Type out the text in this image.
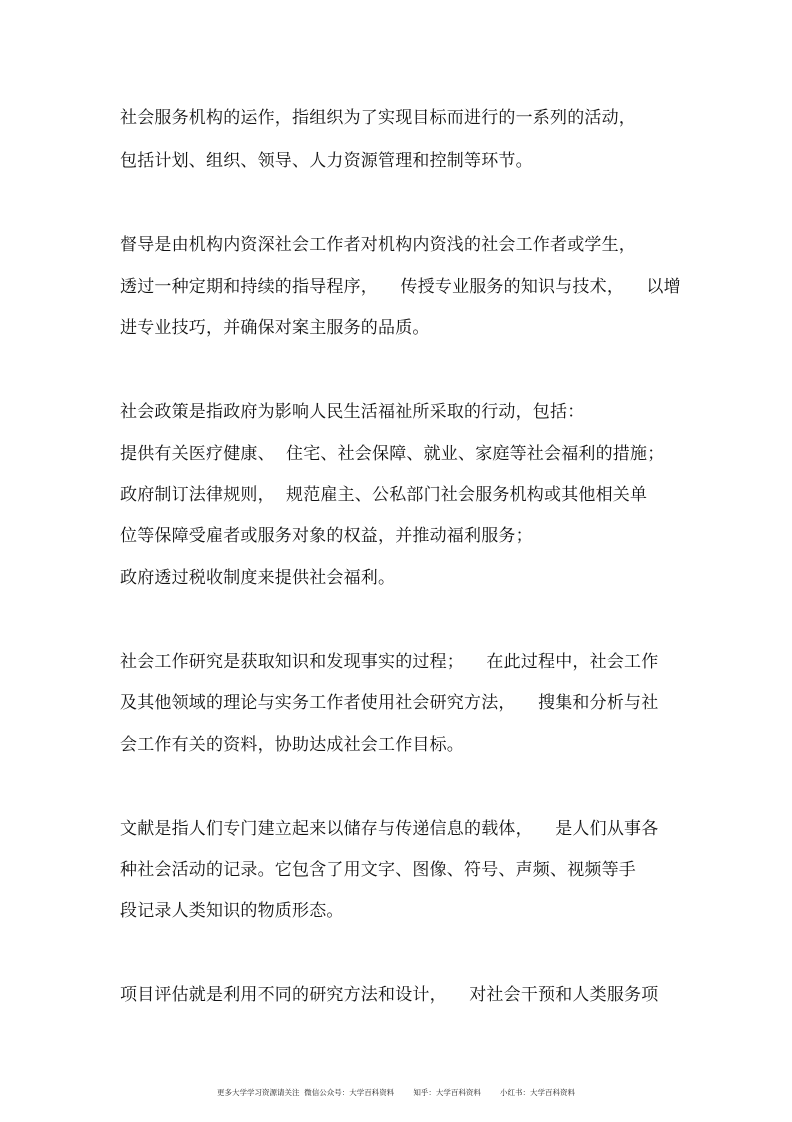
社会服务机构的运作，指组织为了实现目标而进行的一系列的活动，
包括计划、组织、领导、人力资源管理和控制等环节。
督导是由机构内资深社会工作者对机构内资浅的社会工作者或学生，
透过一种定期和持续的指导程序，    传授专业服务的知识与技术，    以增
进专业技巧，并确保对案主服务的品质。
社会政策是指政府为影响人民生活福祉所采取的行动，包括：
提供有关医疗健康、  住宅、社会保障、就业、家庭等社会福利的措施；
政府制订法律规则，  规范雇主、公私部门社会服务机构或其他相关单
位等保障受雇者或服务对象的权益，并推动福利服务；
政府透过税收制度来提供社会福利。
社会工作研究是获取知识和发现事实的过程；    在此过程中，社会工作
及其他领域的理论与实务工作者使用社会研究方法，    搜集和分析与社
会工作有关的资料，协助达成社会工作目标。
文献是指人们专门建立起来以储存与传递信息的载体，    是人们从事各
种社会活动的记录。它包含了用文字、图像、符号、声频、视频等手
段记录人类知识的物质形态。
项目评估就是利用不同的研究方法和设计，    对社会干预和人类服务项
更多大学学习资源请关注  微信公众号：大学百科资料        知乎：大学百科资料        小红书：大学百科资料
